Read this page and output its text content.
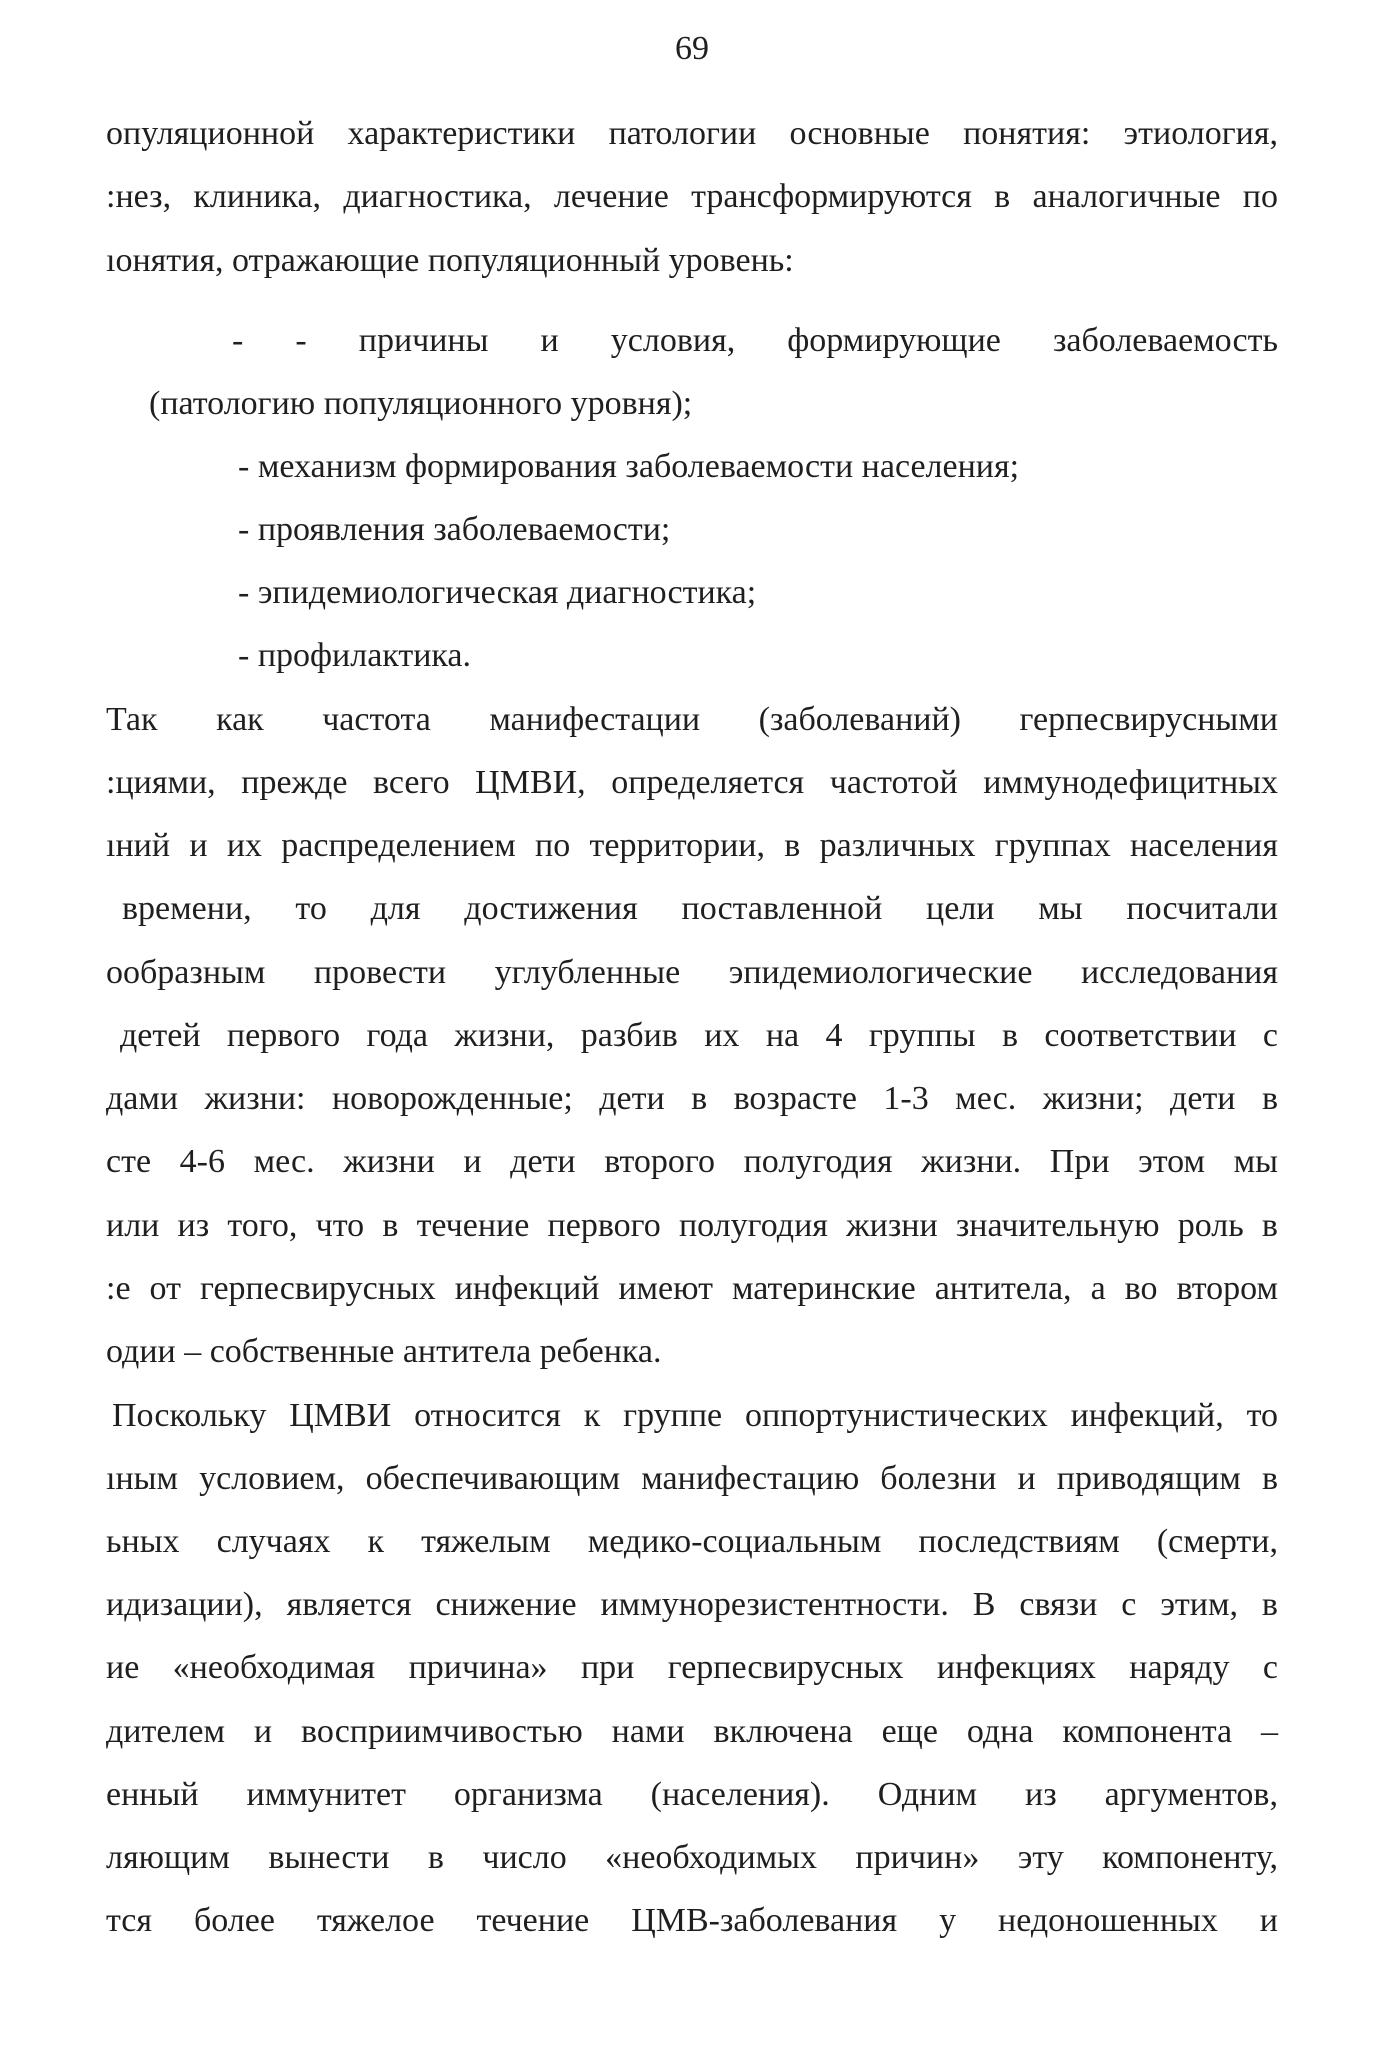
69
опуляционной характеристики патологии основные понятия: этиология,
:нез, клиника, диагностика, лечение трансформируются в аналогичные по
ıонятия, отражающие популяционный уровень:
- - причины и условия, формирующие заболеваемость
(патологию популяционного уровня);
- механизм формирования заболеваемости населения;
- проявления заболеваемости;
- эпидемиологическая диагностика;
- профилактика.
Так как частота манифестации (заболеваний) герпесвирусными
:циями, прежде всего ЦМВИ, определяется частотой иммунодефицитных
ıний и их распределением по территории, в различных группах населения
времени, то для достижения поставленной цели мы посчитали
ообразным провести углубленные эпидемиологические исследования
детей первого года жизни, разбив их на 4 группы в соответствии с
дами жизни: новорожденные; дети в возрасте 1-3 мес. жизни; дети в
сте 4-6 мес. жизни и дети второго полугодия жизни. При этом мы
или из того, что в течение первого полугодия жизни значительную роль в
:е от герпесвирусных инфекций имеют материнские антитела, а во втором
одии – собственные антитела ребенка.
Поскольку ЦМВИ относится к группе оппортунистических инфекций, то
ıным условием, обеспечивающим манифестацию болезни и приводящим в
ьных случаях к тяжелым медико-социальным последствиям (смерти,
идизации), является снижение иммунорезистентности. В связи с этим, в
ие «необходимая причина» при герпесвирусных инфекциях наряду с
дителем и восприимчивостью нами включена еще одна компонента –
енный иммунитет организма (населения). Одним из аргументов,
ляющим вынести в число «необходимых причин» эту компоненту,
тся более тяжелое течение ЦМВ-заболевания у недоношенных и
